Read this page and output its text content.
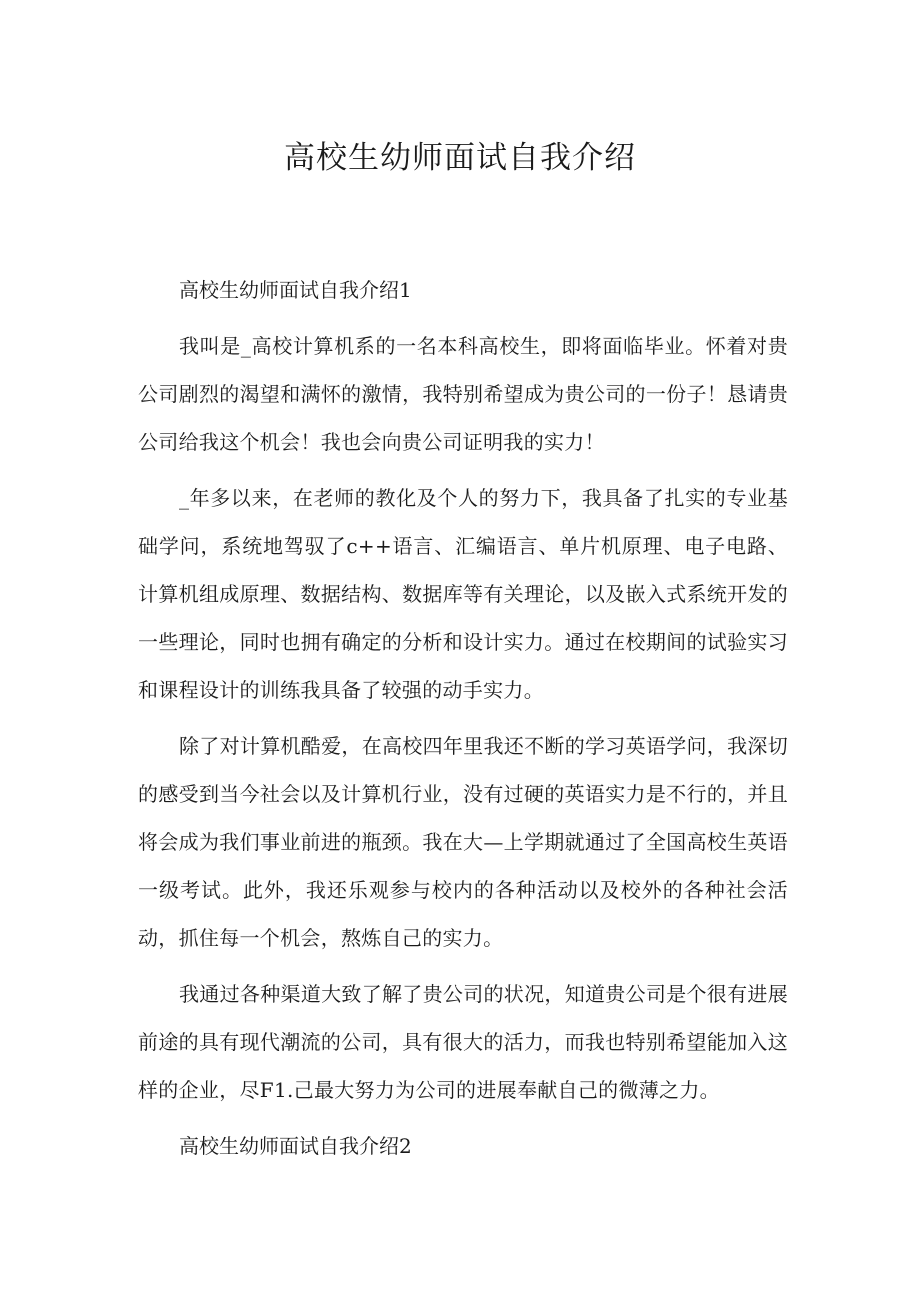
高校生幼师面试自我介绍

高校生幼师面试自我介绍1

我叫是_高校计算机系的一名本科高校生，即将面临毕业。怀着对贵公司剧烈的渴望和满怀的激情，我特别希望成为贵公司的一份子！恳请贵公司给我这个机会！我也会向贵公司证明我的实力！

_年多以来，在老师的教化及个人的努力下，我具备了扎实的专业基础学问，系统地驾驭了c++语言、汇编语言、单片机原理、电子电路、计算机组成原理、数据结构、数据库等有关理论，以及嵌入式系统开发的一些理论，同时也拥有确定的分析和设计实力。通过在校期间的试验实习和课程设计的训练我具备了较强的动手实力。

除了对计算机酷爱，在高校四年里我还不断的学习英语学问，我深切的感受到当今社会以及计算机行业，没有过硬的英语实力是不行的，并且将会成为我们事业前进的瓶颈。我在大—上学期就通过了全国高校生英语一级考试。此外，我还乐观参与校内的各种活动以及校外的各种社会活动，抓住每一个机会，熬炼自己的实力。

我通过各种渠道大致了解了贵公司的状况，知道贵公司是个很有进展前途的具有现代潮流的公司，具有很大的活力，而我也特别希望能加入这样的企业，尽F1.己最大努力为公司的进展奉献自己的微薄之力。

高校生幼师面试自我介绍2
